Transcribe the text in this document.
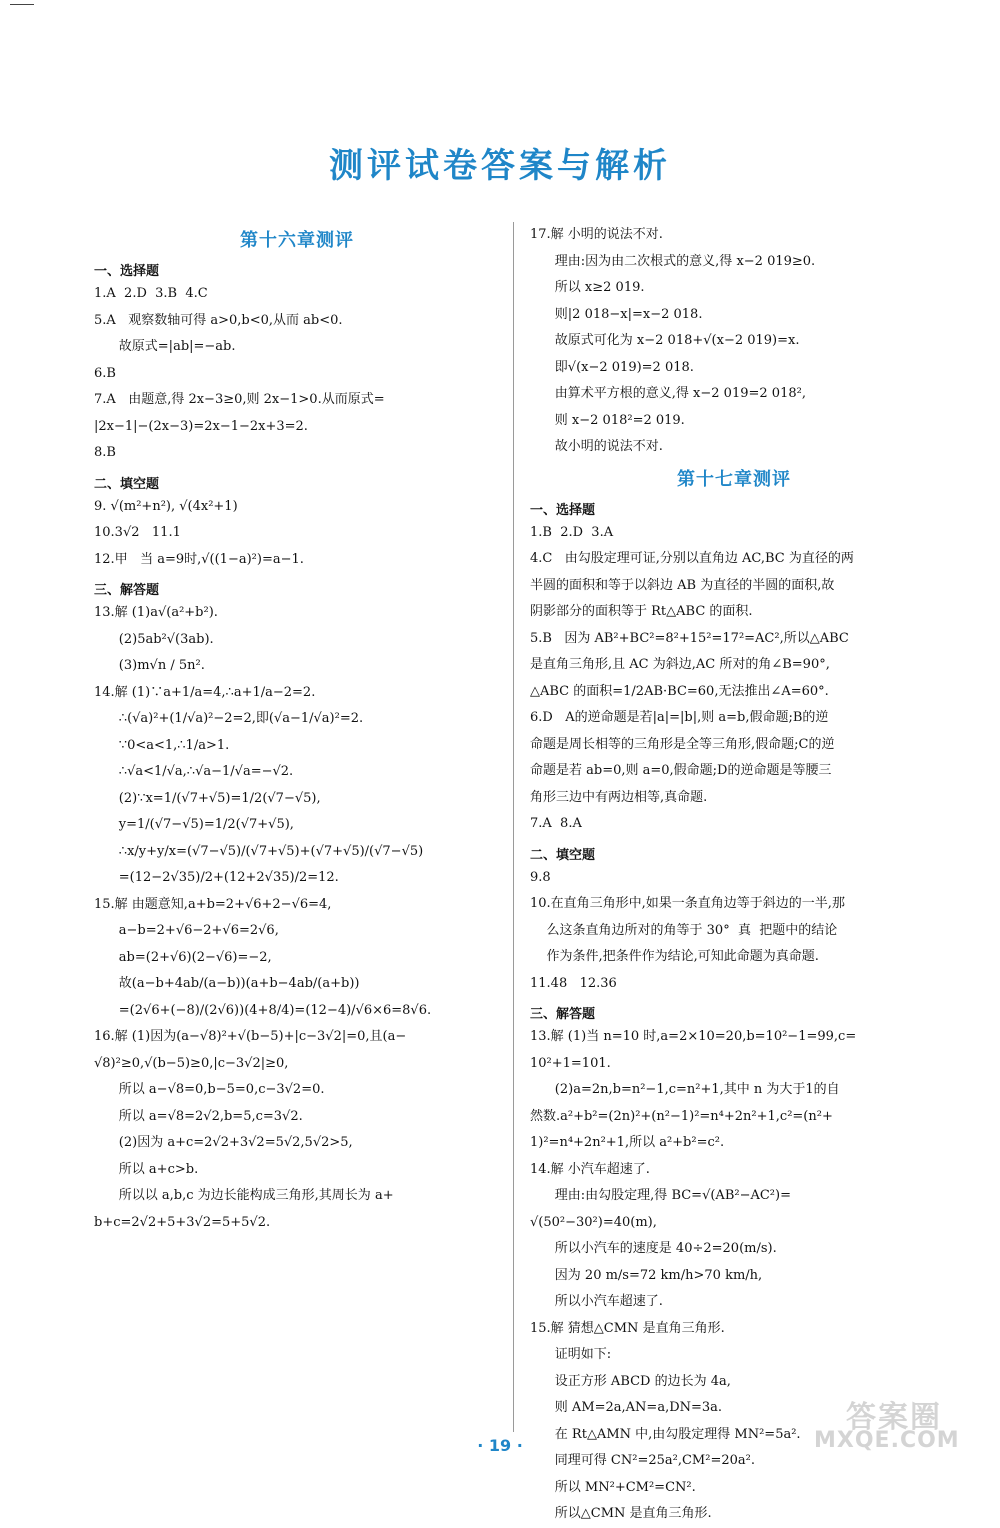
测评试卷答案与解析
第十六章测评
一、选择题
1.A  2.D  3.B  4.C
5.A   观察数轴可得 a>0,b<0,从而 ab<0.
故原式=|ab|=−ab.
6.B
7.A   由题意,得 2x−3≥0,则 2x−1>0.从而原式=
|2x−1|−(2x−3)=2x−1−2x+3=2.
8.B
二、填空题
9. √(m²+n²), √(4x²+1)
10.3√2   11.1
12.甲   当 a=9时,√((1−a)²)=a−1.
三、解答题
13.解 (1)a√(a²+b²).
(2)5ab²√(3ab).
(3)m√n / 5n².
14.解 (1)∵a+1/a=4,∴a+1/a−2=2.
∴(√a)²+(1/√a)²−2=2,即(√a−1/√a)²=2.
∵0<a<1,∴1/a>1.
∴√a<1/√a,∴√a−1/√a=−√2.
(2)∵x=1/(√7+√5)=1/2(√7−√5),
y=1/(√7−√5)=1/2(√7+√5),
∴x/y+y/x=(√7−√5)/(√7+√5)+(√7+√5)/(√7−√5)
=(12−2√35)/2+(12+2√35)/2=12.
15.解 由题意知,a+b=2+√6+2−√6=4,
a−b=2+√6−2+√6=2√6,
ab=(2+√6)(2−√6)=−2,
故(a−b+4ab/(a−b))(a+b−4ab/(a+b))
=(2√6+(−8)/(2√6))(4+8/4)=(12−4)/√6×6=8√6.
16.解 (1)因为(a−√8)²+√(b−5)+|c−3√2|=0,且(a−
√8)²≥0,√(b−5)≥0,|c−3√2|≥0,
所以 a−√8=0,b−5=0,c−3√2=0.
所以 a=√8=2√2,b=5,c=3√2.
(2)因为 a+c=2√2+3√2=5√2,5√2>5,
所以 a+c>b.
所以以 a,b,c 为边长能构成三角形,其周长为 a+
b+c=2√2+5+3√2=5+5√2.
17.解 小明的说法不对.
理由:因为由二次根式的意义,得 x−2 019≥0.
所以 x≥2 019.
则|2 018−x|=x−2 018.
故原式可化为 x−2 018+√(x−2 019)=x.
即√(x−2 019)=2 018.
由算术平方根的意义,得 x−2 019=2 018²,
则 x−2 018²=2 019.
故小明的说法不对.
第十七章测评
一、选择题
1.B  2.D  3.A
4.C   由勾股定理可证,分别以直角边 AC,BC 为直径的两
半圆的面积和等于以斜边 AB 为直径的半圆的面积,故
阴影部分的面积等于 Rt△ABC 的面积.
5.B   因为 AB²+BC²=8²+15²=17²=AC²,所以△ABC
是直角三角形,且 AC 为斜边,AC 所对的角∠B=90°,
△ABC 的面积=1/2AB·BC=60,无法推出∠A=60°.
6.D   A的逆命题是若|a|=|b|,则 a=b,假命题;B的逆
命题是周长相等的三角形是全等三角形,假命题;C的逆
命题是若 ab=0,则 a=0,假命题;D的逆命题是等腰三
角形三边中有两边相等,真命题.
7.A  8.A
二、填空题
9.8
10.在直角三角形中,如果一条直角边等于斜边的一半,那
么这条直角边所对的角等于 30°  真  把题中的结论
作为条件,把条件作为结论,可知此命题为真命题.
11.48   12.36
三、解答题
13.解 (1)当 n=10 时,a=2×10=20,b=10²−1=99,c=
10²+1=101.
(2)a=2n,b=n²−1,c=n²+1,其中 n 为大于1的自
然数.a²+b²=(2n)²+(n²−1)²=n⁴+2n²+1,c²=(n²+
1)²=n⁴+2n²+1,所以 a²+b²=c².
14.解 小汽车超速了.
理由:由勾股定理,得 BC=√(AB²−AC²)=
√(50²−30²)=40(m),
所以小汽车的速度是 40÷2=20(m/s).
因为 20 m/s=72 km/h>70 km/h,
所以小汽车超速了.
15.解 猜想△CMN 是直角三角形.
证明如下:
设正方形 ABCD 的边长为 4a,
则 AM=2a,AN=a,DN=3a.
在 Rt△AMN 中,由勾股定理得 MN²=5a².
同理可得 CN²=25a²,CM²=20a².
所以 MN²+CM²=CN².
所以△CMN 是直角三角形.
· 19 ·
答案圈
MXQE.COM
